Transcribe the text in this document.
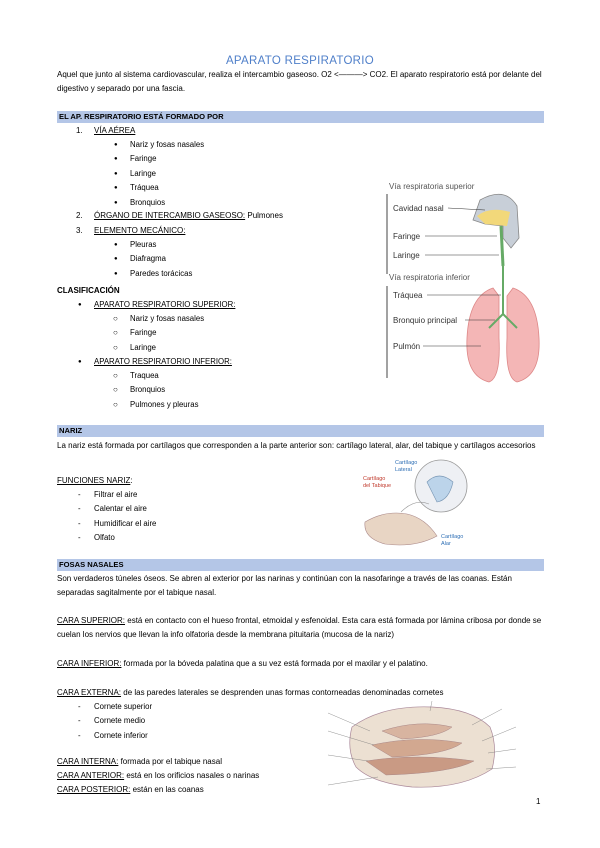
APARATO RESPIRATORIO
Aquel que junto al sistema cardiovascular, realiza el intercambio gaseoso. O2 <———> CO2. El aparato respiratorio está por delante del digestivo y separado por una fascia.
EL AP. RESPIRATORIO ESTÁ FORMADO POR
1. VÍA AÉREA
● Nariz y fosas nasales
● Faringe
● Laringe
● Tráquea
● Bronquios
2. ÓRGANO DE INTERCAMBIO GASEOSO: Pulmones
3. ELEMENTO MECÁNICO:
● Pleuras
● Diafragma
● Paredes torácicas
CLASIFICACIÓN
● APARATO RESPIRATORIO SUPERIOR:
○ Nariz y fosas nasales
○ Faringe
○ Laringe
● APARATO RESPIRATORIO INFERIOR:
○ Traquea
○ Bronquios
○ Pulmones y pleuras
Vía respiratoria superior
Cavidad nasal
Faringe
Laringe
Vía respiratoria inferior
Tráquea
Bronquio principal
Pulmón
NARIZ
La nariz está formada por cartílagos que corresponden a la parte anterior son: cartílago lateral, alar, del tabique y cartílagos accesorios
FUNCIONES NARIZ:
- Filtrar el aire
- Calentar el aire
- Humidificar el aire
- Olfato
Cartílago del Tabique
Cartílago Lateral
Cartílago Alar
FOSAS NASALES
Son verdaderos túneles óseos. Se abren al exterior por las narinas y continúan con la nasofaringe a través de las coanas. Están separadas sagitalmente por el tabique nasal.
CARA SUPERIOR: está en contacto con el hueso frontal, etmoidal y esfenoidal. Esta cara está formada por lámina cribosa por donde se cuelan los nervios que llevan la info olfatoria desde la membrana pituitaria (mucosa de la nariz)
CARA INFERIOR: formada por la bóveda palatina que a su vez está formada por el maxilar y el palatino.
CARA EXTERNA: de las paredes laterales se desprenden unas formas contorneadas denominadas cornetes
- Cornete superior
- Cornete medio
- Cornete inferior
CARA INTERNA: formada por el tabique nasal
CARA ANTERIOR: está en los orificios nasales o narinas
CARA POSTERIOR: están en las coanas
1
